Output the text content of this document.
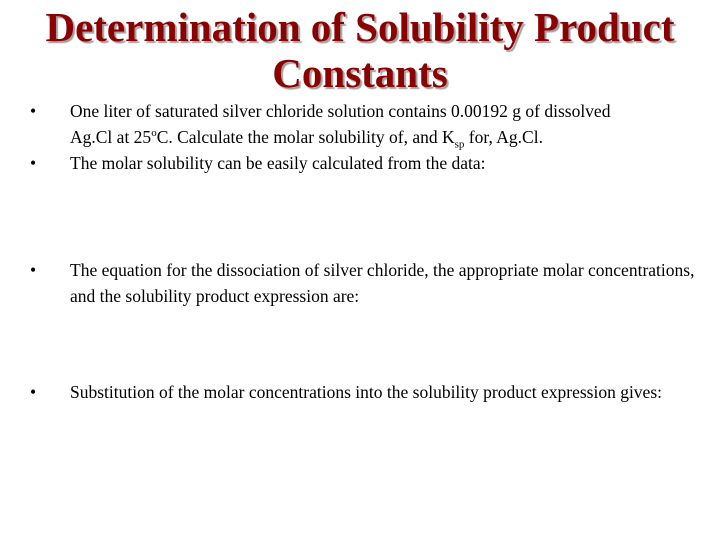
Determination of Solubility Product Constants
•	One liter of saturated silver chloride solution contains 0.00192 g of dissolved
Ag.Cl at 25$^o$C. Calculate the molar solubility of, and $K_{sp}$ for, Ag.Cl.
•	The molar solubility can be easily calculated from the data:
•	The equation for the dissociation of silver chloride, the appropriate molar concentrations, and the solubility product expression are:
•	Substitution of the molar concentrations into the solubility product expression gives:
